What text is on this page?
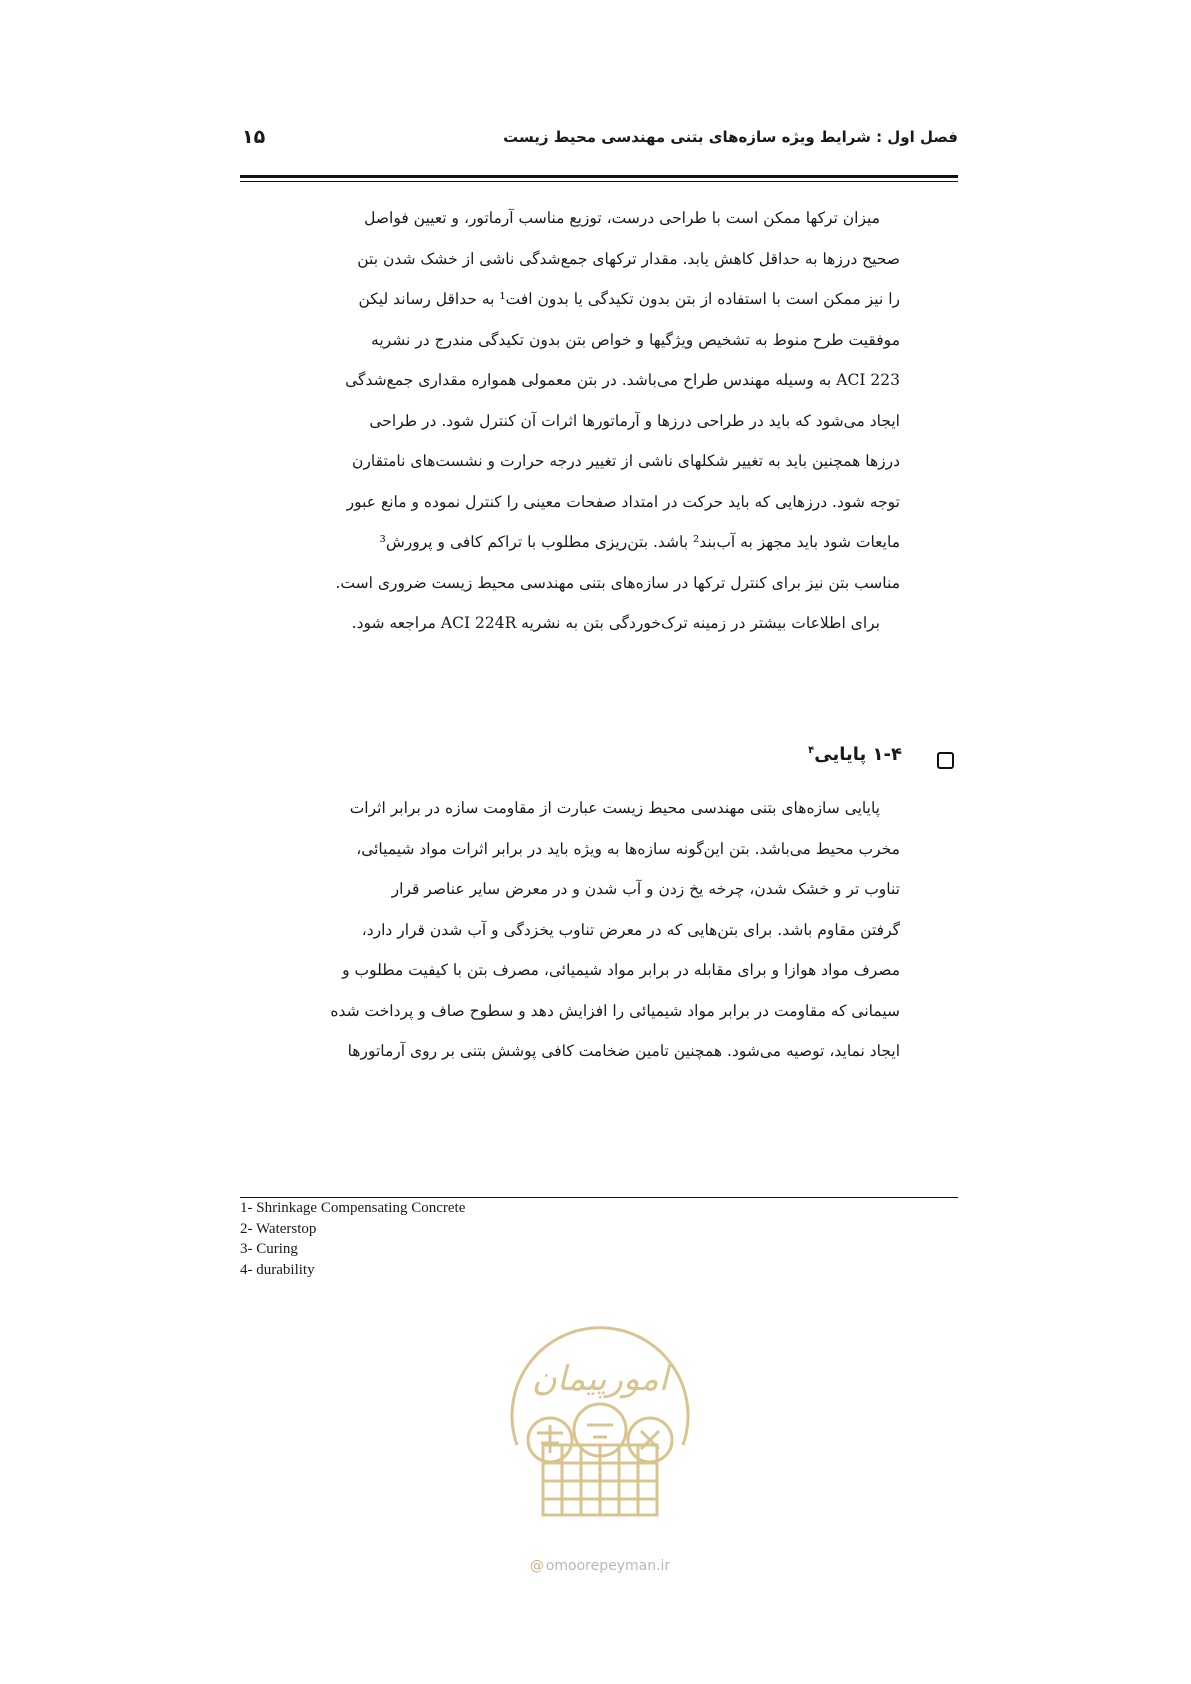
فصل اول : شرایط ویژه سازه‌های بتنی مهندسی محیط زیست
۱۵
میزان ترکها ممکن است با طراحی درست، توزیع مناسب آرماتور، و تعیین فواصل
صحیح درزها به حداقل کاهش یابد. مقدار ترکهای جمع‌شدگی ناشی از خشک شدن بتن
را نیز ممکن است با استفاده از بتن بدون تکیدگی یا بدون افت¹ به حداقل رساند لیکن
موفقیت طرح منوط به تشخیص ویژگیها و خواص بتن بدون تکیدگی مندرج در نشریه
ACI 223 به وسیله مهندس طراح می‌باشد. در بتن معمولی همواره مقداری جمع‌شدگی
ایجاد می‌شود که باید در طراحی درزها و آرماتورها اثرات آن کنترل شود. در طراحی
درزها همچنین باید به تغییر شکلهای ناشی از تغییر درجه حرارت و نشست‌های نامتقارن
توجه شود. درزهایی که باید حرکت در امتداد صفحات معینی را کنترل نموده و مانع عبور
مایعات شود باید مجهز به آب‌بند² باشد. بتن‌ریزی مطلوب با تراکم کافی و پرورش³
مناسب بتن نیز برای کنترل ترکها در سازه‌های بتنی مهندسی محیط زیست ضروری است.
برای اطلاعات بیشتر در زمینه ترک‌خوردگی بتن به نشریه ACI 224R مراجعه شود.
۱-۴ پایایی$^۴$
پایایی سازه‌های بتنی مهندسی محیط زیست عبارت از مقاومت سازه در برابر اثرات
مخرب محیط می‌باشد. بتن این‌گونه سازه‌ها به ویژه باید در برابر اثرات مواد شیمیائی،
تناوب تر و خشک شدن، چرخه یخ زدن و آب شدن و در معرض سایر عناصر قرار
گرفتن مقاوم باشد. برای بتن‌هایی که در معرض تناوب یخزدگی و آب شدن قرار دارد،
مصرف مواد هوازا و برای مقابله در برابر مواد شیمیائی، مصرف بتن با کیفیت مطلوب و
سیمانی که مقاومت در برابر مواد شیمیائی را افزایش دهد و سطوح صاف و پرداخت شده
ایجاد نماید، توصیه می‌شود. همچنین تامین ضخامت کافی پوشش بتنی بر روی آرماتورها
1- Shrinkage Compensating Concrete
2- Waterstop
3- Curing
4- durability
امورپیمان
@ omoorepeyman.ir
